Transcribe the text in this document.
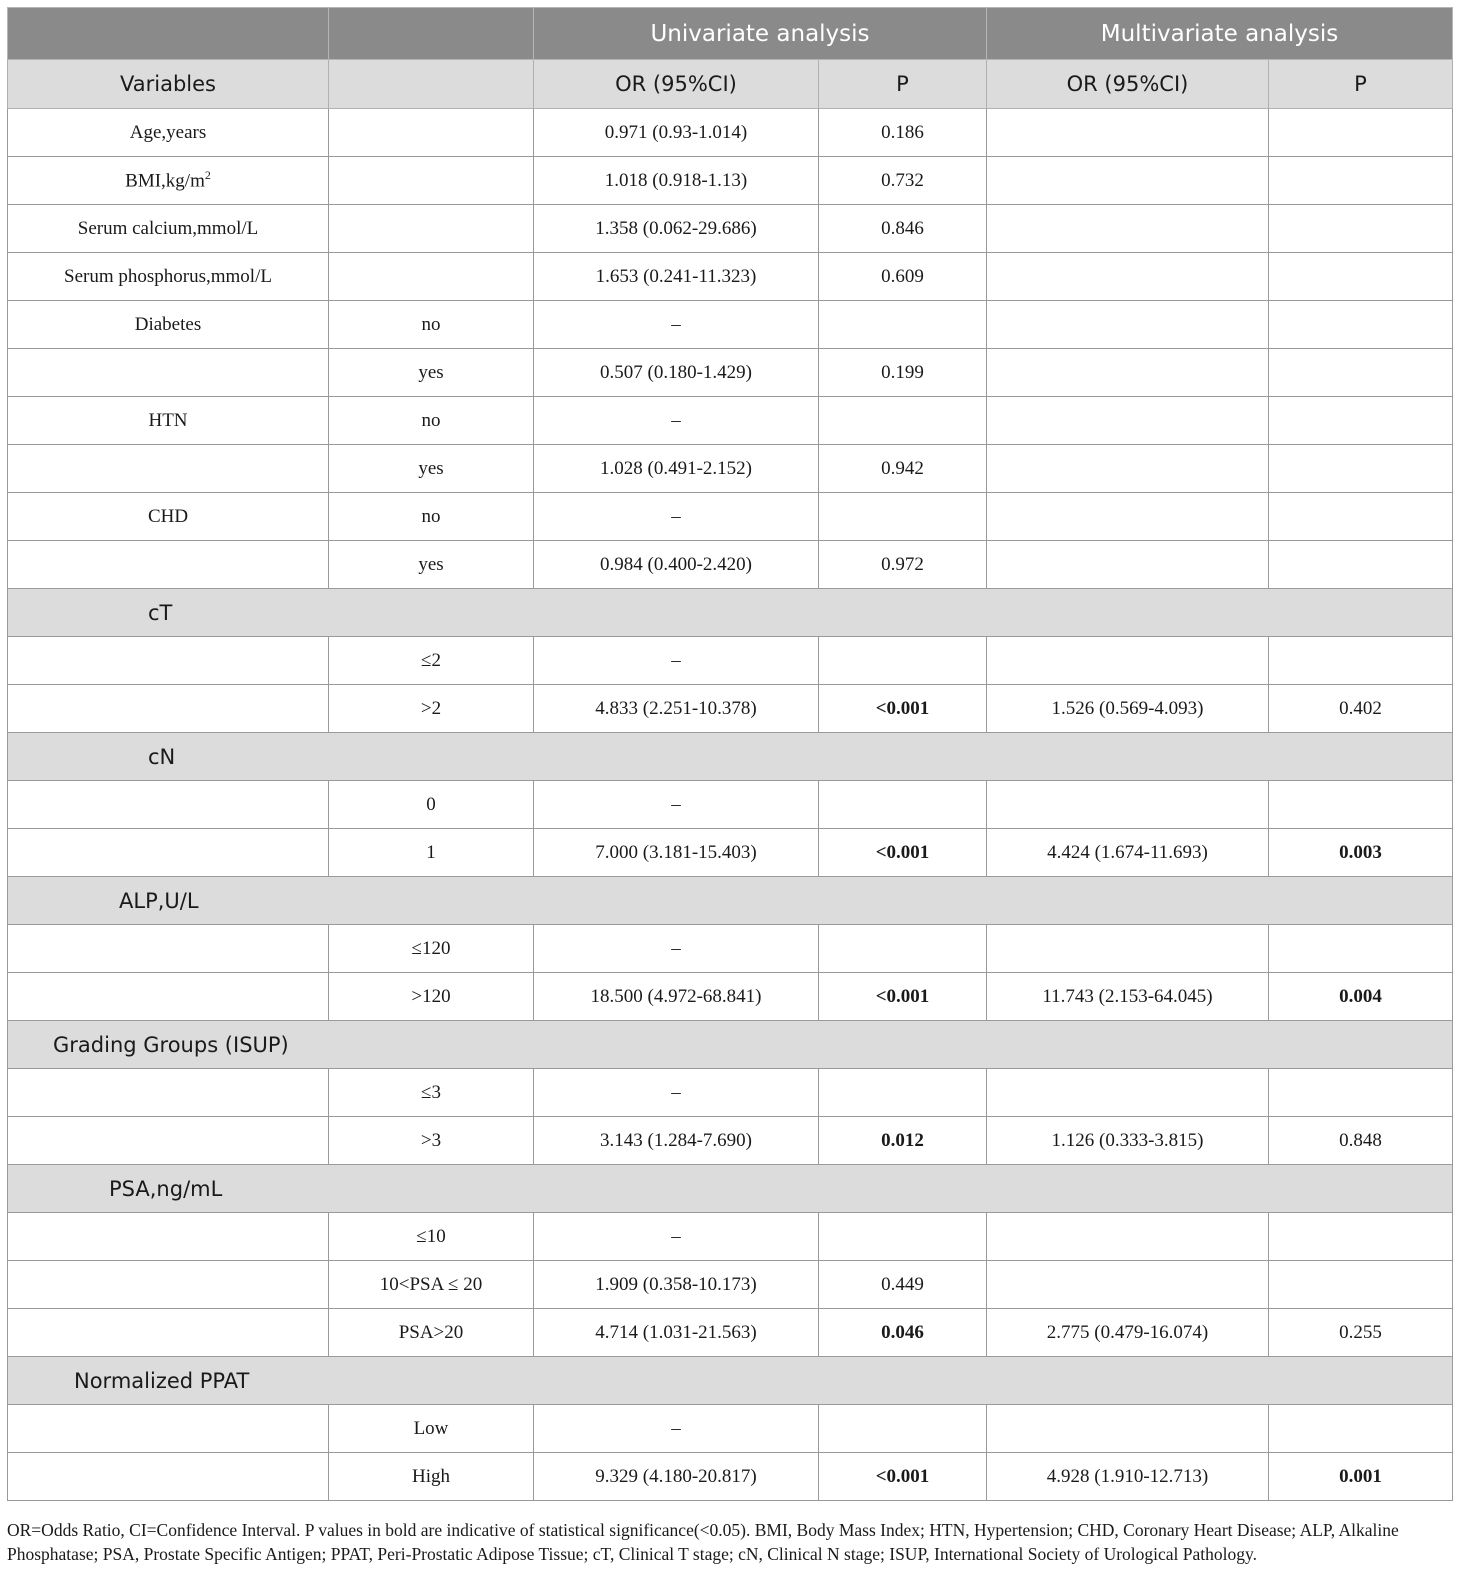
		Univariate analysis		Multivariate analysis	
Variables		OR (95%CI)	P	OR (95%CI)	P
Age,years		0.971 (0.93-1.014)	0.186		
$BMI,kg/m^2$		1.018 (0.918-1.13)	0.732		
Serum calcium,mmol/L		1.358 (0.062-29.686)	0.846		
Serum phosphorus,mmol/L		1.653 (0.241-11.323)	0.609		
Diabetes	no	–			
	yes	0.507 (0.180-1.429)	0.199		
HTN	no	–			
	yes	1.028 (0.491-2.152)	0.942		
CHD	no	–			
	yes	0.984 (0.400-2.420)	0.972		
cT					
	≤2	–			
	>2	4.833 (2.251-10.378)	<0.001	1.526 (0.569-4.093)	0.402
cN					
	0	–			
	1	7.000 (3.181-15.403)	<0.001	4.424 (1.674-11.693)	0.003
ALP,U/L					
	≤120	–			
	>120	18.500 (4.972-68.841)	<0.001	11.743 (2.153-64.045)	0.004
Grading Groups (ISUP)					
	≤3	–			
	>3	3.143 (1.284-7.690)	0.012	1.126 (0.333-3.815)	0.848
PSA,ng/mL					
	≤10	–			
	10<PSA ≤ 20	1.909 (0.358-10.173)	0.449		
	PSA>20	4.714 (1.031-21.563)	0.046	2.775 (0.479-16.074)	0.255
Normalized PPAT					
	Low	–			
	High	9.329 (4.180-20.817)	<0.001	4.928 (1.910-12.713)	0.001
OR=Odds Ratio, CI=Confidence Interval. P values in bold are indicative of statistical significance(<0.05). BMI, Body Mass Index; HTN, Hypertension; CHD, Coronary Heart Disease; ALP, Alkaline Phosphatase; PSA, Prostate Specific Antigen; PPAT, Peri-Prostatic Adipose Tissue; cT, Clinical T stage; cN, Clinical N stage; ISUP, International Society of Urological Pathology.
